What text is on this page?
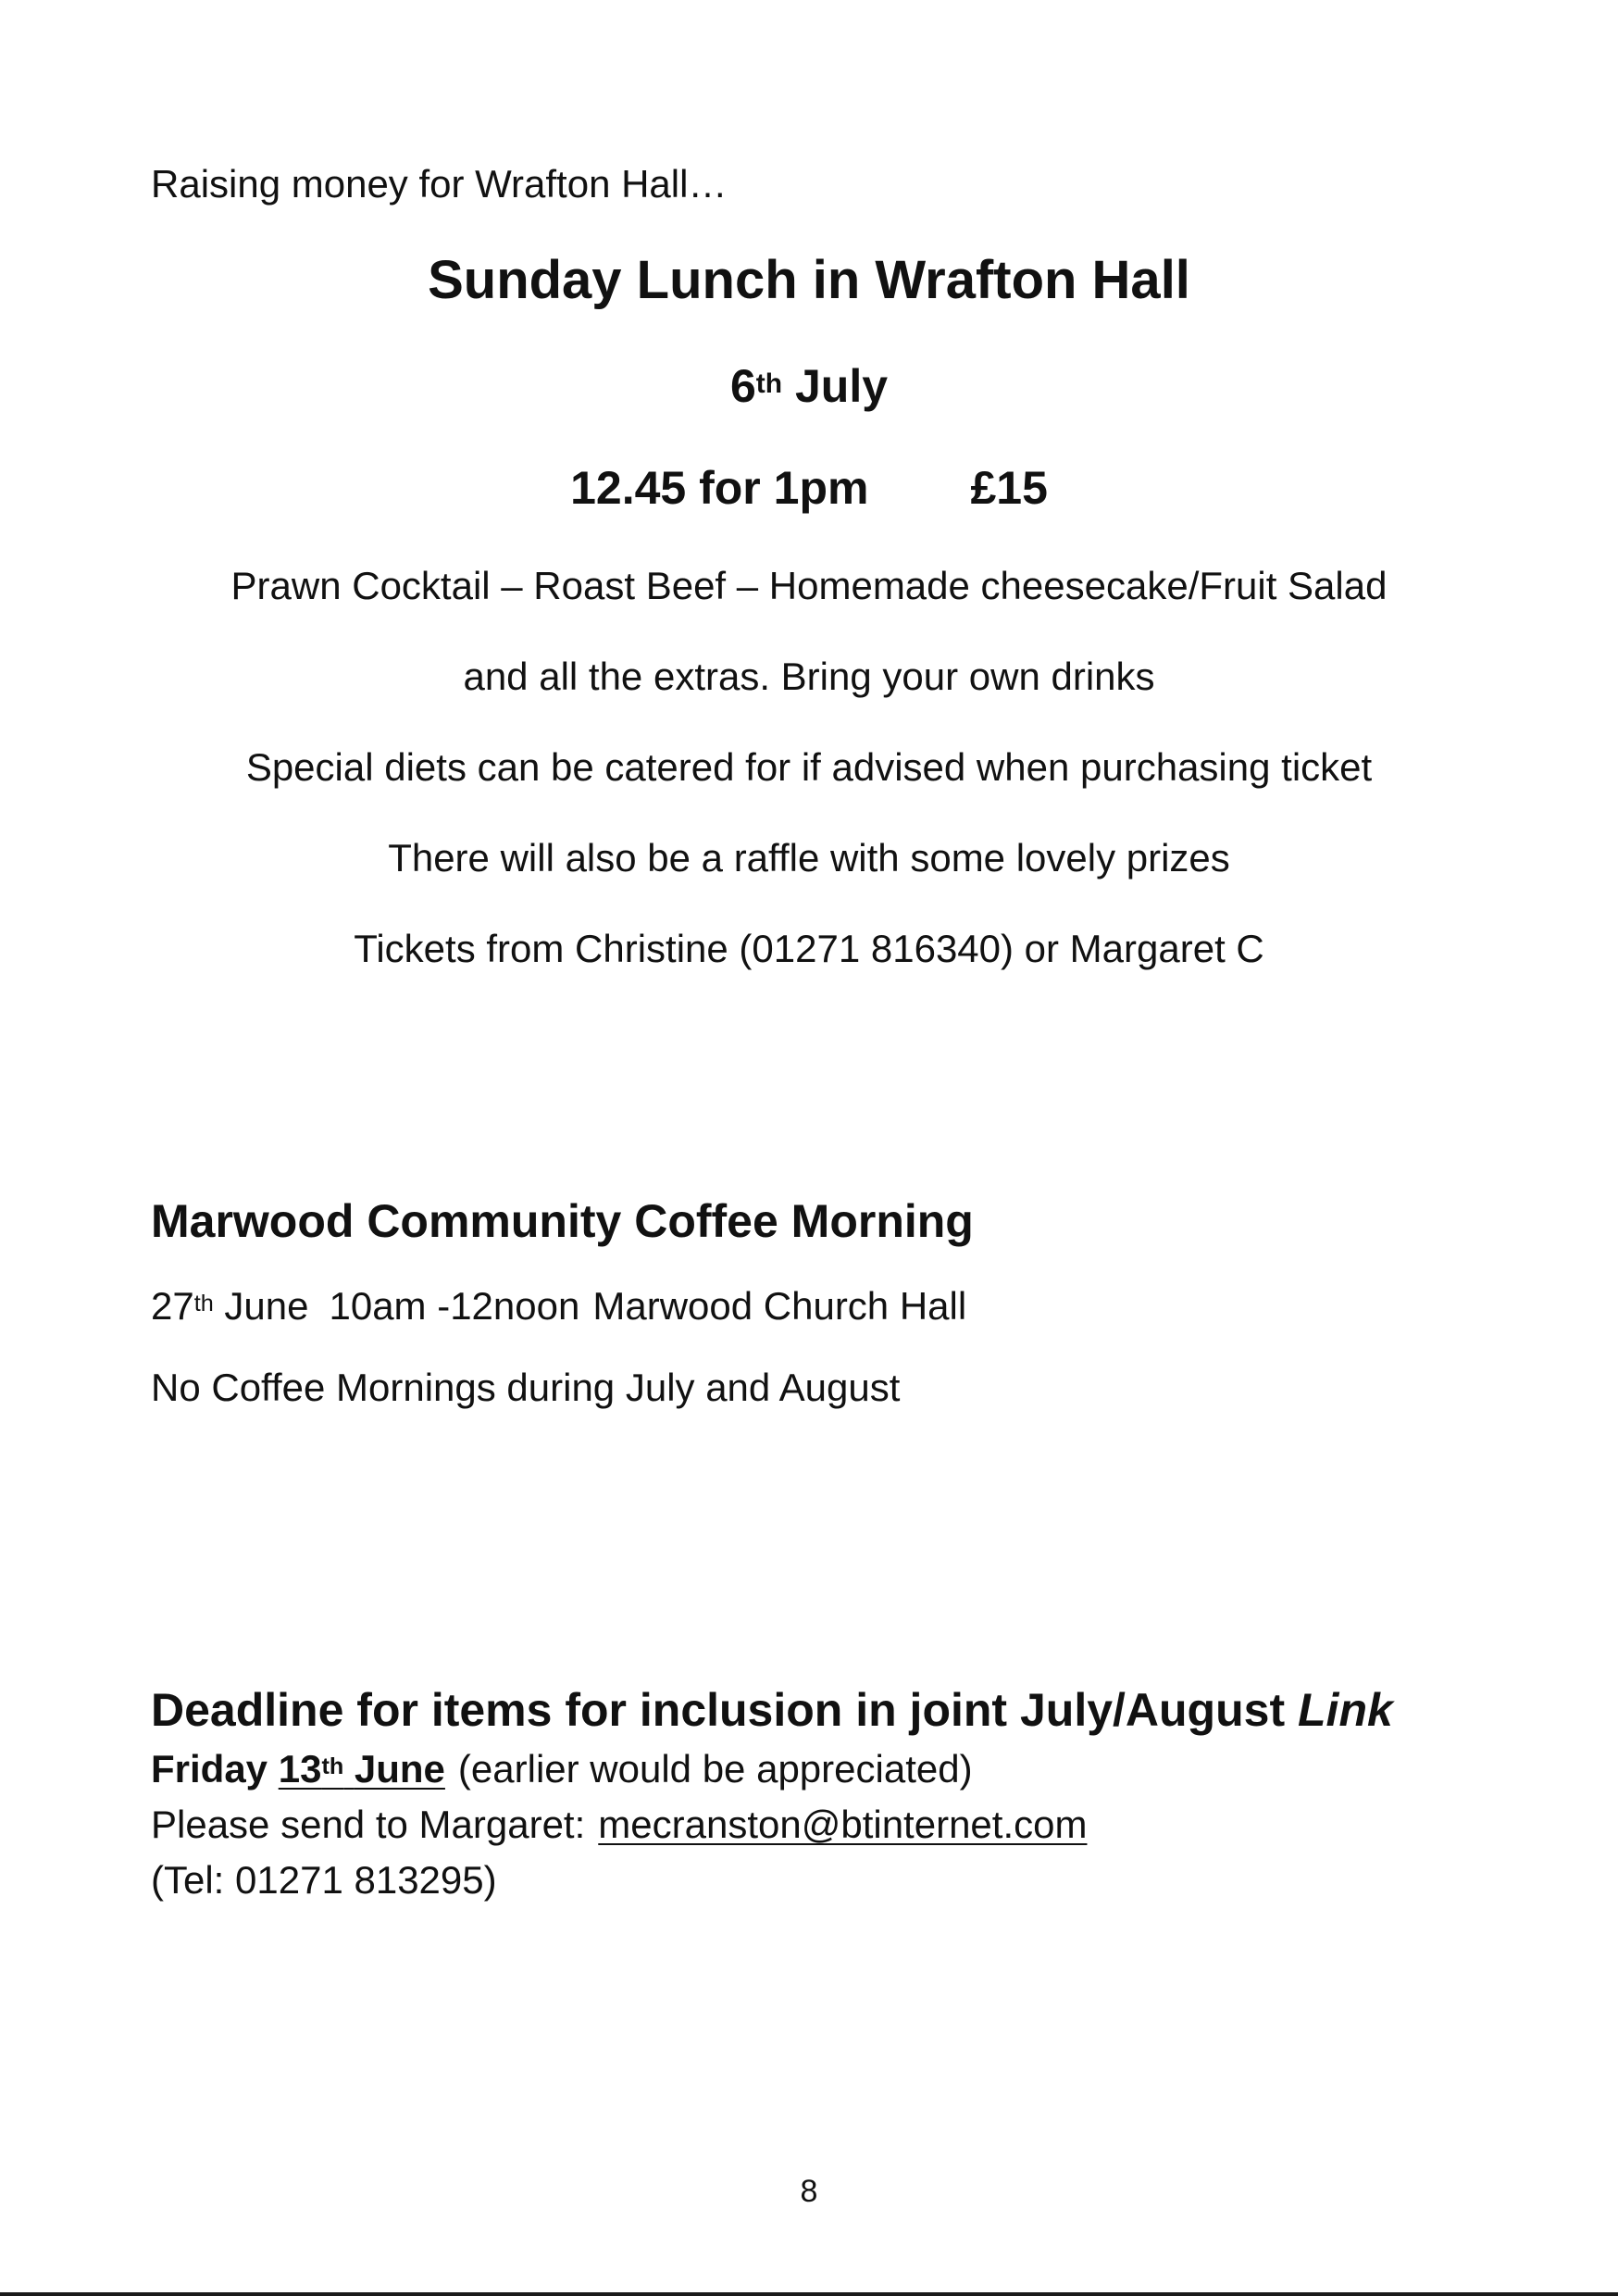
Raising money for Wrafton Hall…
Sunday Lunch in Wrafton Hall
6th July
12.45 for 1pm £15
Prawn Cocktail – Roast Beef – Homemade cheesecake/Fruit Salad
and all the extras. Bring your own drinks
Special diets can be catered for if advised when purchasing ticket
There will also be a raffle with some lovely prizes
Tickets from Christine (01271 816340) or Margaret C
Marwood Community Coffee Morning
27th June 10am -12noon Marwood Church Hall
No Coffee Mornings during July and August
Deadline for items for inclusion in joint July/August Link
Friday 13th June (earlier would be appreciated)
Please send to Margaret: mecranston@btinternet.com
(Tel: 01271 813295)
8
